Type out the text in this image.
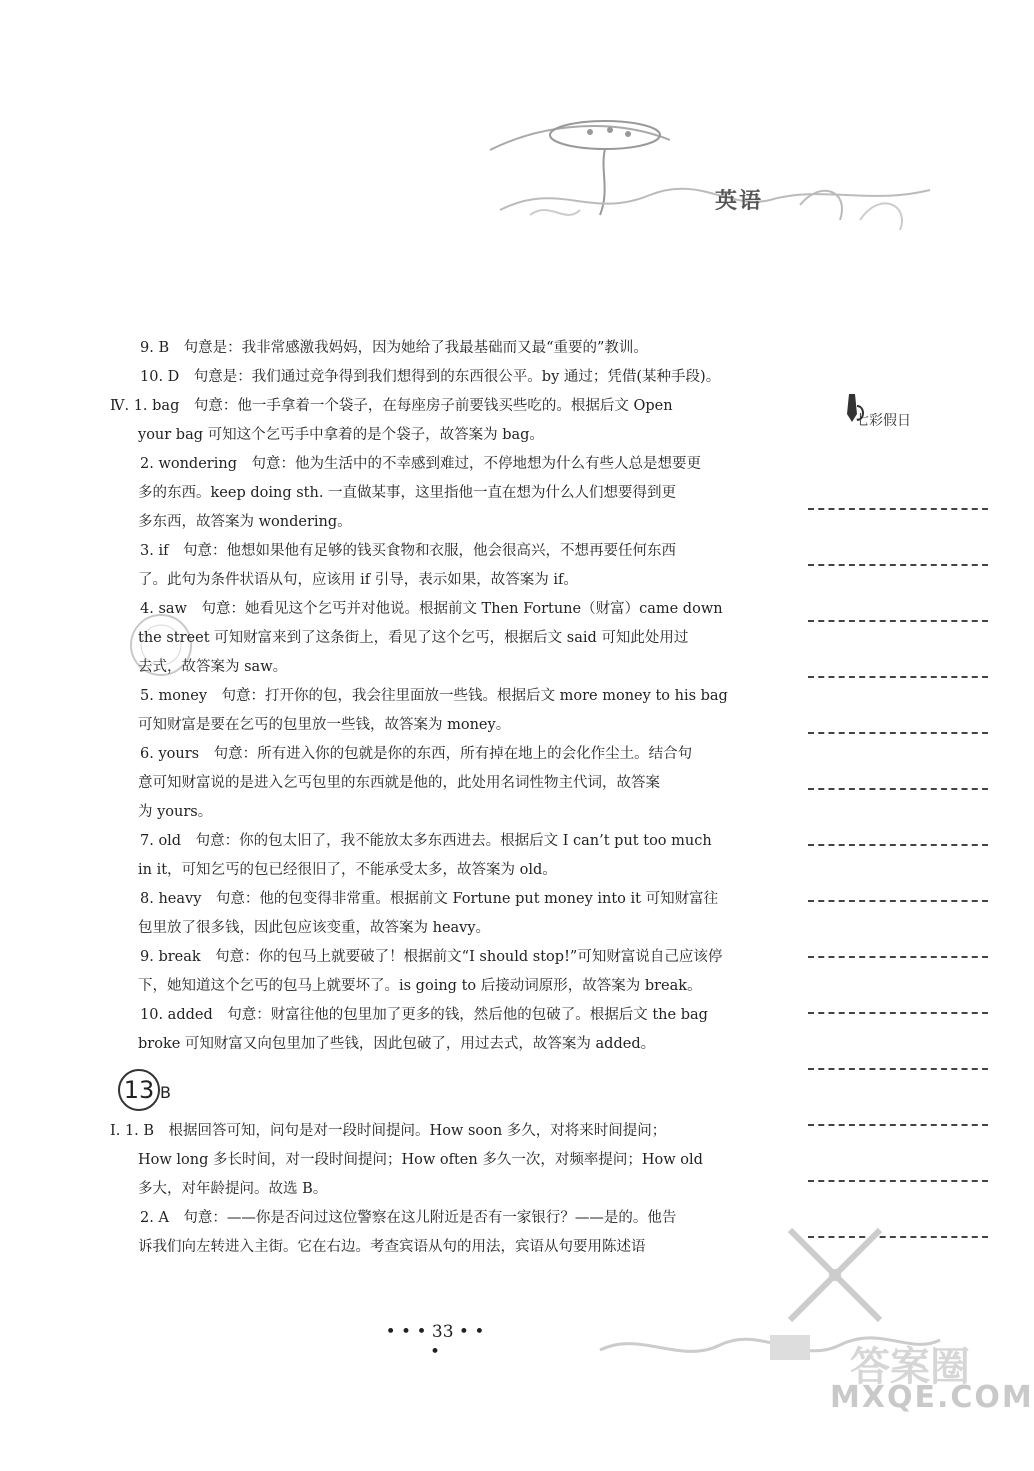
英语
9. B　句意是：我非常感激我妈妈，因为她给了我最基础而又最“重要的”教训。
10. D　句意是：我们通过竞争得到我们想得到的东西很公平。by 通过；凭借(某种手段)。
Ⅳ. 1. bag　句意：他一手拿着一个袋子，在每座房子前要钱买些吃的。根据后文 Open
your bag 可知这个乞丐手中拿着的是个袋子，故答案为 bag。
2. wondering　句意：他为生活中的不幸感到难过，不停地想为什么有些人总是想要更
多的东西。keep doing sth. 一直做某事，这里指他一直在想为什么人们想要得到更
多东西，故答案为 wondering。
3. if　句意：他想如果他有足够的钱买食物和衣服，他会很高兴，不想再要任何东西
了。此句为条件状语从句，应该用 if 引导，表示如果，故答案为 if。
4. saw　句意：她看见这个乞丐并对他说。根据前文 Then Fortune（财富）came down
the street 可知财富来到了这条街上，看见了这个乞丐，根据后文 said 可知此处用过
去式，故答案为 saw。
5. money　句意：打开你的包，我会往里面放一些钱。根据后文 more money to his bag
可知财富是要在乞丐的包里放一些钱，故答案为 money。
6. yours　句意：所有进入你的包就是你的东西，所有掉在地上的会化作尘土。结合句
意可知财富说的是进入乞丐包里的东西就是他的，此处用名词性物主代词，故答案
为 yours。
7. old　句意：你的包太旧了，我不能放太多东西进去。根据后文 I can’t put too much
in it，可知乞丐的包已经很旧了，不能承受太多，故答案为 old。
8. heavy　句意：他的包变得非常重。根据前文 Fortune put money into it 可知财富往
包里放了很多钱，因此包应该变重，故答案为 heavy。
9. break　句意：你的包马上就要破了！根据前文“I should stop!”可知财富说自己应该停
下，她知道这个乞丐的包马上就要坏了。is going to 后接动词原形，故答案为 break。
10. added　句意：财富往他的包里加了更多的钱，然后他的包破了。根据后文 the bag
broke 可知财富又向包里加了些钱，因此包破了，用过去式，故答案为 added。
13 B
Ⅰ. 1. B　根据回答可知，问句是对一段时间提问。How soon 多久，对将来时间提问；
How long 多长时间，对一段时间提问；How often 多久一次，对频率提问；How old
多大，对年龄提问。故选 B。
2. A　句意：——你是否问过这位警察在这儿附近是否有一家银行？——是的。他告
诉我们向左转进入主街。它在右边。考查宾语从句的用法，宾语从句要用陈述语
七彩假日
• • • 33 • • •	答案圈
MXQE.COM
